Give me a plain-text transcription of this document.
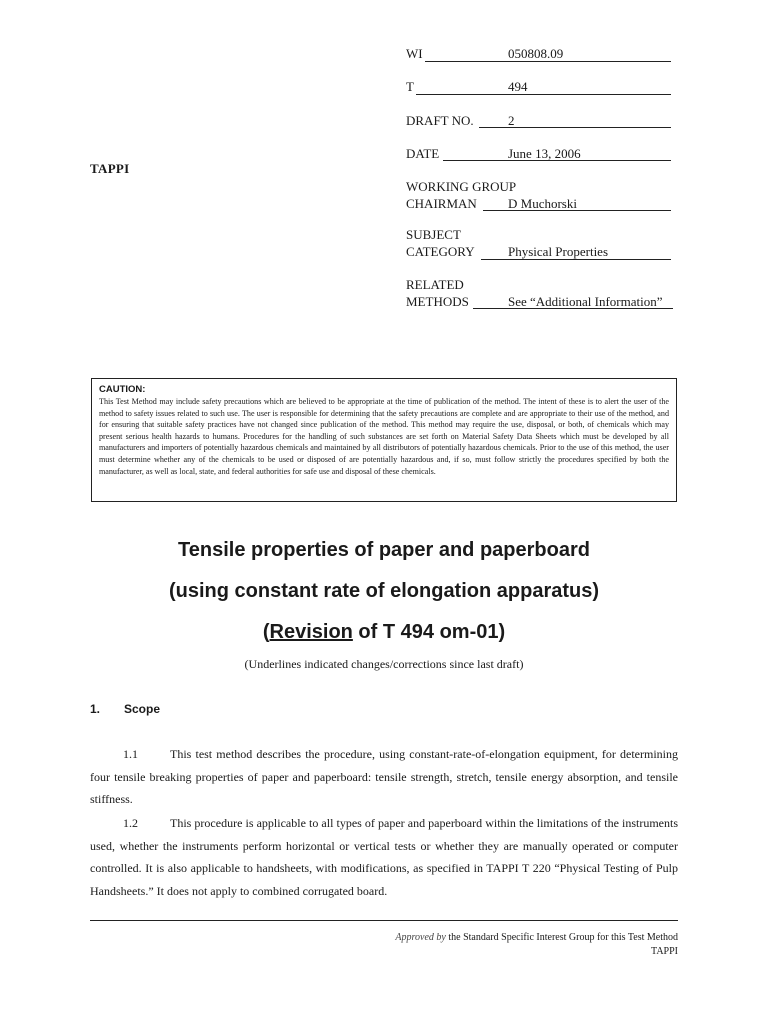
TAPPI
WI	050808.09
T	494
DRAFT NO.	2
DATE	June 13, 2006
WORKING GROUP
CHAIRMAN D Muchorski
SUBJECT
CATEGORY	Physical Properties
RELATED
METHODS	See “Additional Information”

CAUTION:

This Test Method may include safety precautions which are believed to be appropriate at the time of publication of the method. The intent of these is to alert the user of the method to safety issues related to such use. The user is responsible for determining that the safety precautions are complete and are appropriate to their use of the method, and for ensuring that suitable safety practices have not changed since publication of the method. This method may require the use, disposal, or both, of chemicals which may present serious health hazards to humans. Procedures for the handling of such substances are set forth on Material Safety Data Sheets which must be developed by all manufacturers and importers of potentially hazardous chemicals and maintained by all distributors of potentially hazardous chemicals. Prior to the use of this method, the user must determine whether any of the chemicals to be used or disposed of are potentially hazardous and, if so, must follow strictly the procedures specified by both the manufacturer, as well as local, state, and federal authorities for safe use and disposal of these chemicals.

Tensile properties of paper and paperboard
(using constant rate of elongation apparatus)
(Revision of T 494 om-01)
(Underlines indicated changes/corrections since last draft)
1. Scope
1.1	This test method describes the procedure, using constant-rate-of-elongation equipment, for determining four tensile breaking properties of paper and paperboard: tensile strength, stretch, tensile energy absorption, and tensile stiffness.
1.2	This procedure is applicable to all types of paper and paperboard within the limitations of the instruments used, whether the instruments perform horizontal or vertical tests or whether they are manually operated or computer controlled. It is also applicable to handsheets, with modifications, as specified in TAPPI T 220 “Physical Testing of Pulp Handsheets.” It does not apply to combined corrugated board.
Approved by the Standard Specific Interest Group for this Test Method
TAPPI
